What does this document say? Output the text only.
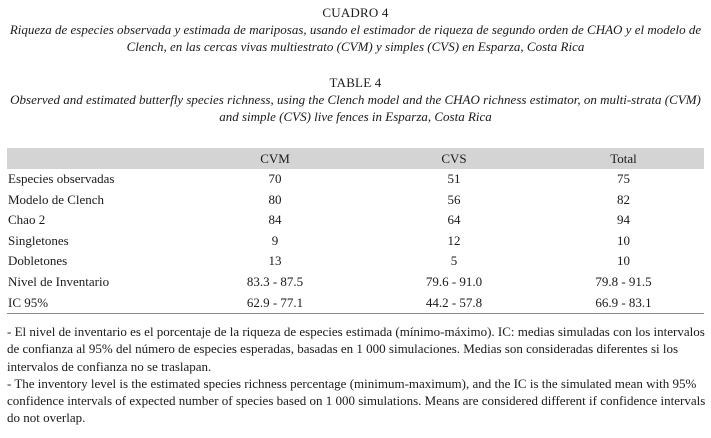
CUADRO 4
Riqueza de especies observada y estimada de mariposas, usando el estimador de riqueza de segundo orden de CHAO y el modelo de Clench, en las cercas vivas multiestrato (CVM) y simples (CVS) en Esparza, Costa Rica
TABLE 4
Observed and estimated butterfly species richness, using the Clench model and the CHAO richness estimator, on multi-strata (CVM) and simple (CVS) live fences in Esparza, Costa Rica
	CVM	CVS	Total
Especies observadas	70	51	75
Modelo de Clench	80	56	82
Chao 2	84	64	94
Singletones	9	12	10
Dobletones	13	5	10
Nivel de Inventario	83.3 - 87.5	79.6 - 91.0	79.8 - 91.5
IC 95%	62.9 - 77.1	44.2 - 57.8	66.9 - 83.1

- El nivel de inventario es el porcentaje de la riqueza de especies estimada (mínimo-máximo). IC: medias simuladas con los intervalos de confianza al 95% del número de especies esperadas, basadas en 1 000 simulaciones. Medias son consideradas diferentes si los intervalos de confianza no se traslapan.

- The inventory level is the estimated species richness percentage (minimum-maximum), and the IC is the simulated mean with 95% confidence intervals of expected number of species based on 1 000 simulations. Means are considered different if confidence intervals do not overlap.
